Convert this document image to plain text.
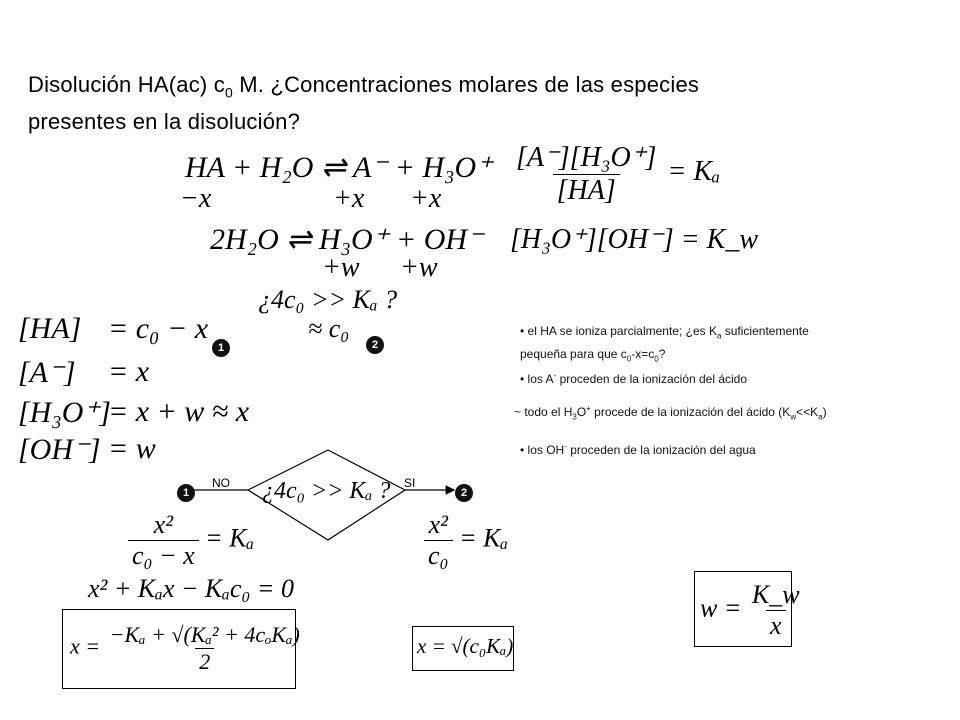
Disolución HA(ac) $c_0$ M. ¿Concentraciones molares de las especies
presentes en la disolución?
HA + H₂O ⇌ A⁻ + H₃O⁺
−x	+x +x	$\frac{\text{[A⁻][H₃O⁺]}}{[HA]} = K_a$
2H₂O ⇌ H₃O⁺ + OH⁻
+w +w
[H₃O⁺][OH⁻] = K_w
¿4c₀ >> Kₐ ?
≈ c₀
[HA] = c₀ − x
[A⁻] = x
[H₃O⁺]
= x + w ≈ x
[OH⁻] = w
1	2
• el HA se ioniza parcialmente; ¿es $K_a$ suficientemente
pequeña para que $c_0-x=c_0$?
• los A- proceden de la ionización del ácido
~ todo el $H_3O^+$ procede de la ionización del ácido $(K_w<<K_a)$
• los OH- proceden de la ionización del agua
NO	SI
¿4c₀ >> Kₐ ?
1	2
$\frac{\text{x²}}{\text{c₀ − x}} = K_a$
x² + Kₐx − Kₐc₀ = 0
$x = \frac{\text{−Kₐ + √(Kₐ² + 4cₒKₐ)}}{2}$
$\frac{\text{x²}}{\text{c₀}} = K_a$
x = √(c₀Kₐ)
$w = \frac{K\_w}{x}$
